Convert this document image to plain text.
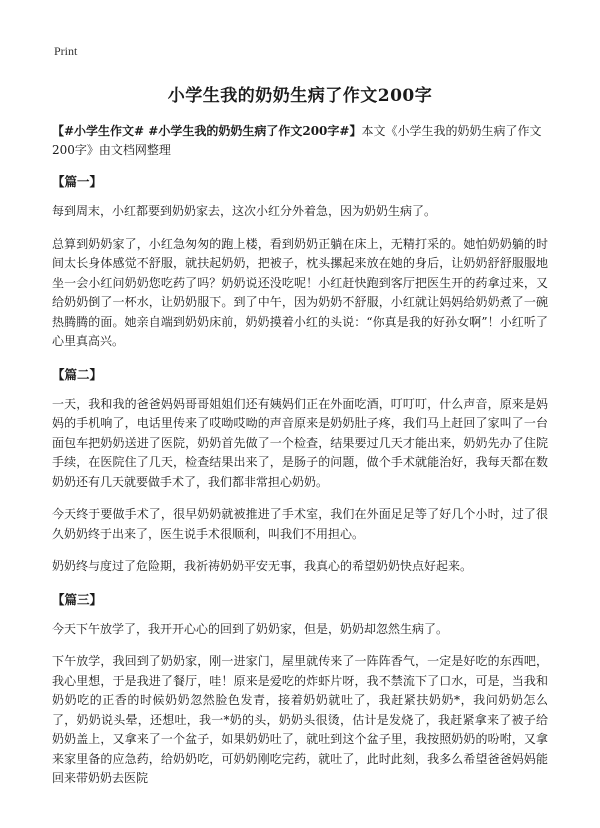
Print
小学生我的奶奶生病了作文200字
【#小学生作文# #小学生我的奶奶生病了作文200字#】本文《小学生我的奶奶生病了作文200字》由文档网整理
【篇一】

每到周末，小红都要到奶奶家去，这次小红分外着急，因为奶奶生病了。

总算到奶奶家了，小红急匆匆的跑上楼，看到奶奶正躺在床上，无精打采的。她怕奶奶躺的时间太长身体感觉不舒服，就扶起奶奶，把被子，枕头摞起来放在她的身后，让奶奶舒舒服服地坐一会小红问奶奶您吃药了吗？奶奶说还没吃呢！小红赶快跑到客厅把医生开的药拿过来，又给奶奶倒了一杯水，让奶奶服下。到了中午，因为奶奶不舒服，小红就让妈妈给奶奶煮了一碗热腾腾的面。她亲自端到奶奶床前，奶奶摸着小红的头说：“你真是我的好孙女啊”！小红听了心里真高兴。

【篇二】

一天，我和我的爸爸妈妈哥哥姐姐们还有姨妈们正在外面吃酒，叮叮叮，什么声音，原来是妈妈的手机响了，电话里传来了哎呦哎呦的声音原来是奶奶肚子疼，我们马上赶回了家叫了一台面包车把奶奶送进了医院，奶奶首先做了一个检查，结果要过几天才能出来，奶奶先办了住院手续，在医院住了几天，检查结果出来了，是肠子的问题，做个手术就能治好，我每天都在数奶奶还有几天就要做手术了，我们都非常担心奶奶。

今天终于要做手术了，很早奶奶就被推进了手术室，我们在外面足足等了好几个小时，过了很久奶奶终于出来了，医生说手术很顺利，叫我们不用担心。

奶奶终与度过了危险期，我祈祷奶奶平安无事，我真心的希望奶奶快点好起来。

【篇三】

今天下午放学了，我开开心心的回到了奶奶家，但是，奶奶却忽然生病了。

下午放学，我回到了奶奶家，刚一进家门，屋里就传来了一阵阵香气，一定是好吃的东西吧，我心里想，于是我进了餐厅，哇！原来是爱吃的炸虾片呀，我不禁流下了口水，可是，当我和奶奶吃的正香的时候奶奶忽然脸色发青，接着奶奶就吐了，我赶紧扶奶奶*，我问奶奶怎么了，奶奶说头晕，还想吐，我一*奶的头，奶奶头很烫，估计是发烧了，我赶紧拿来了被子给奶奶盖上，又拿来了一个盆子，如果奶奶吐了，就吐到这个盆子里，我按照奶奶的吩咐，又拿来家里备的应急药，给奶奶吃，可奶奶刚吃完药，就吐了，此时此刻，我多么希望爸爸妈妈能回来带奶奶去医院
